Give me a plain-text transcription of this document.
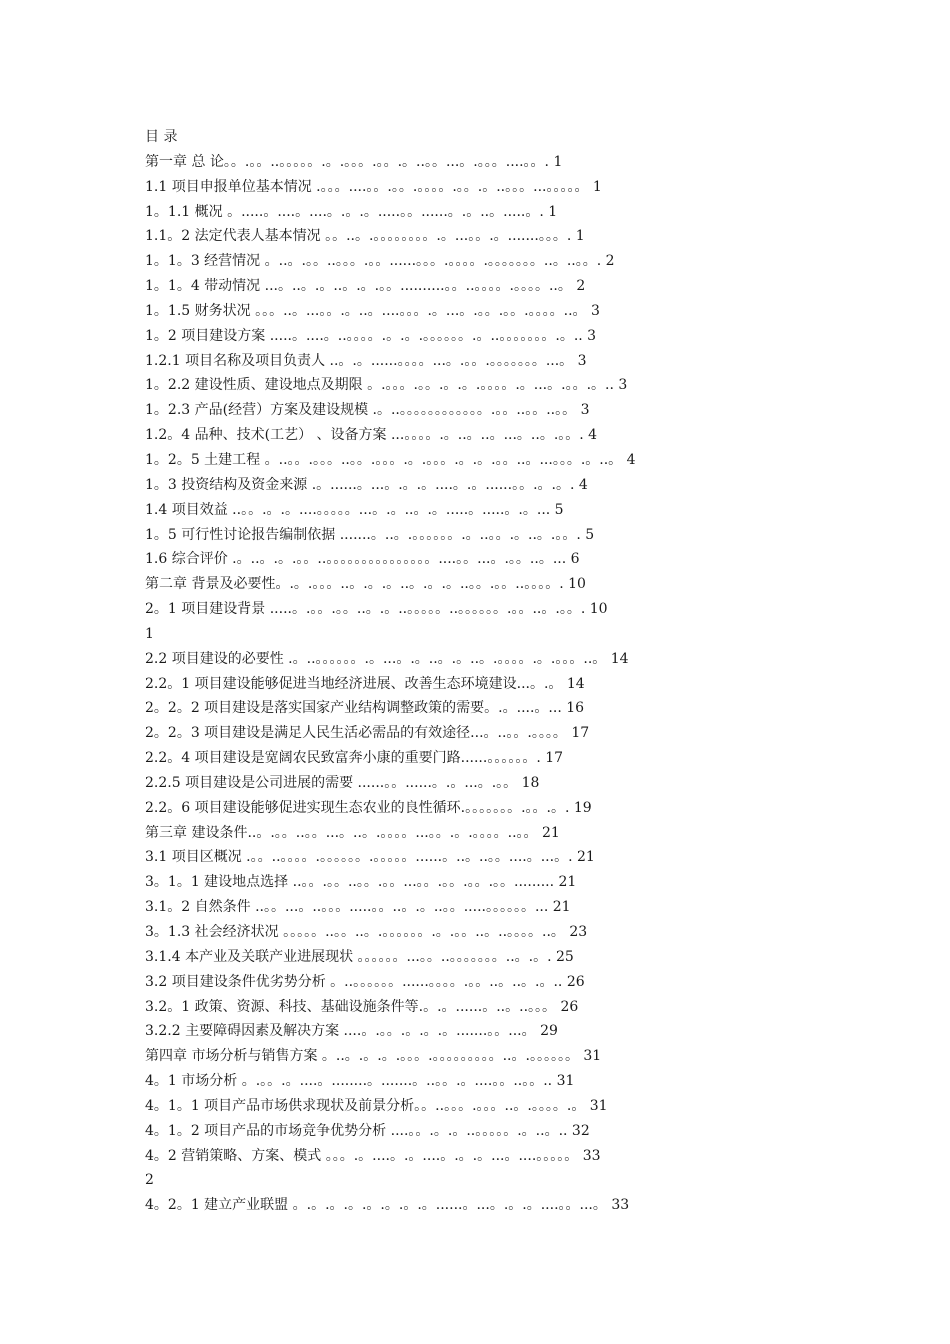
目 录
第一章 总 论。。.。。..。。。。。.。.。。。.。。.。..。。...。.。。。....。。. 1
1.1 项目申报单位基本情况 .。。。....。。.。。.。。。。.。。.。..。。。...。。。。。 1
1。1.1 概况 。.....。....。....。.。.。.....。。......。.。..。.....。. 1
1.1。2 法定代表人基本情况 。。..。.。。。。。。。。.。...。。.。.......。。。. 1
1。1。3 经营情况 。..。.。。..。。。.。。......。。。.。。。。.。。。。。。。..。..。。. 2
1。1。4 带动情况 ...。..。.。..。.。.。。..........。。..。。。。.。。。。..。 2
1。1.5 财务状况 。。。..。...。。.。..。....。。。.。...。.。。.。。.。。。。..。 3
1。2 项目建设方案 .....。....。..。。。。.。.。.。。。。。。.。..。。。。。。。.。.. 3
1.2.1 项目名称及项目负责人 ..。.。......。。。。...。.。。.。。。。。。。...。 3
1。2.2 建设性质、建设地点及期限 。.。。。.。。.。.。.。。。。.。...。.。。.。.. 3
1。2.3 产品(经营）方案及建设规模 .。..。。。。。。。。。。。。.。。..。。..。。 3
1.2。4 品种、技术(工艺） 、设备方案 ...。。。。.。..。..。...。..。.。。. 4
1。2。5 土建工程 。..。。.。。。..。。.。。。.。.。。。.。.。.。。..。...。。。.。..。 4
1。3 投资结构及资金来源 .。......。...。.。.。....。.。......。。.。.。. 4
1.4 项目效益 ..。。.。.。....。。。。。...。.。..。.。.....。.....。.。... 5
1。5 可行性讨论报告编制依据 .......。..。.。。。。。。.。..。。.。..。.。。. 5
1.6 综合评价 .。..。.。.。。..。。。。。。。。。。。。。。。....。。...。.。。..。... 6
第二章 背景及必要性。.。.。。。..。.。.。..。.。.。..。。.。。..。。。。. 10
2。1 项目建设背景 .....。.。。.。。..。.。..。。。。。..。。。。。。.。。..。.。。. 10
1
2.2 项目建设的必要性 .。..。。。。。。.。...。.。..。.。..。.。。。。.。.。。。..。 14
2.2。1 项目建设能够促进当地经济进展、改善生态环境建设...。.。 14
2。2。2 项目建设是落实国家产业结构调整政策的需要。.。....。... 16
2。2。3 项目建设是满足人民生活必需品的有效途径...。..。。.。。。。 17
2.2。4 项目建设是宽阔农民致富奔小康的重要门路......。。。。。。. 17
2.2.5 项目建设是公司进展的需要 ......。。......。.。...。.。。 18
2.2。6 项目建设能够促进实现生态农业的良性循环.。。。。。。。.。。.。. 19
第三章 建设条件..。.。。..。。...。..。.。。。。...。。.。.。。。。..。。 21
3.1 项目区概况 .。。..。。。。.。。。。。。.。。。。。......。..。..。。....。...。. 21
3。1。1 建设地点选择 ..。。.。。..。。.。。...。。.。。.。。.。。......... 21
3.1。2 自然条件 ..。。...。..。。。.....。。..。.。..。。.....。。。。。。... 21
3。1.3 社会经济状况 。。。。。..。。..。.。。。。。。.。.。。..。..。。。。..。 23
3.1.4 本产业及关联产业进展现状 。。。。。。...。。..。。。。。。。..。.。. 25
3.2 项目建设条件优劣势分析 。..。。。。。。......。。。。.。。..。..。.。.. 26
3.2。1 政策、资源、科技、基础设施条件等.。.。......。..。..。。。 26
3.2.2 主要障碍因素及解决方案 ....。.。。.。.。.。.......。。...。 29
第四章 市场分析与销售方案 。..。.。.。.。。。.。。。。。。。。。..。.。。。。。。 31
4。1 市场分析 。.。。.。....。........。.......。..。。.。....。。..。。.. 31
4。1。1 项目产品市场供求现状及前景分析。。..。。。.。。。..。.。。。。.。 31
4。1。2 项目产品的市场竞争优势分析 ....。。.。.。..。。。。。.。..。.. 32
4。2 营销策略、方案、模式 。。。.。....。.。....。.。.。...。....。。。。。 33
2
4。2。1 建立产业联盟 。.。.。.。.。.。.。.。......。...。.。.。....。。...。 33
